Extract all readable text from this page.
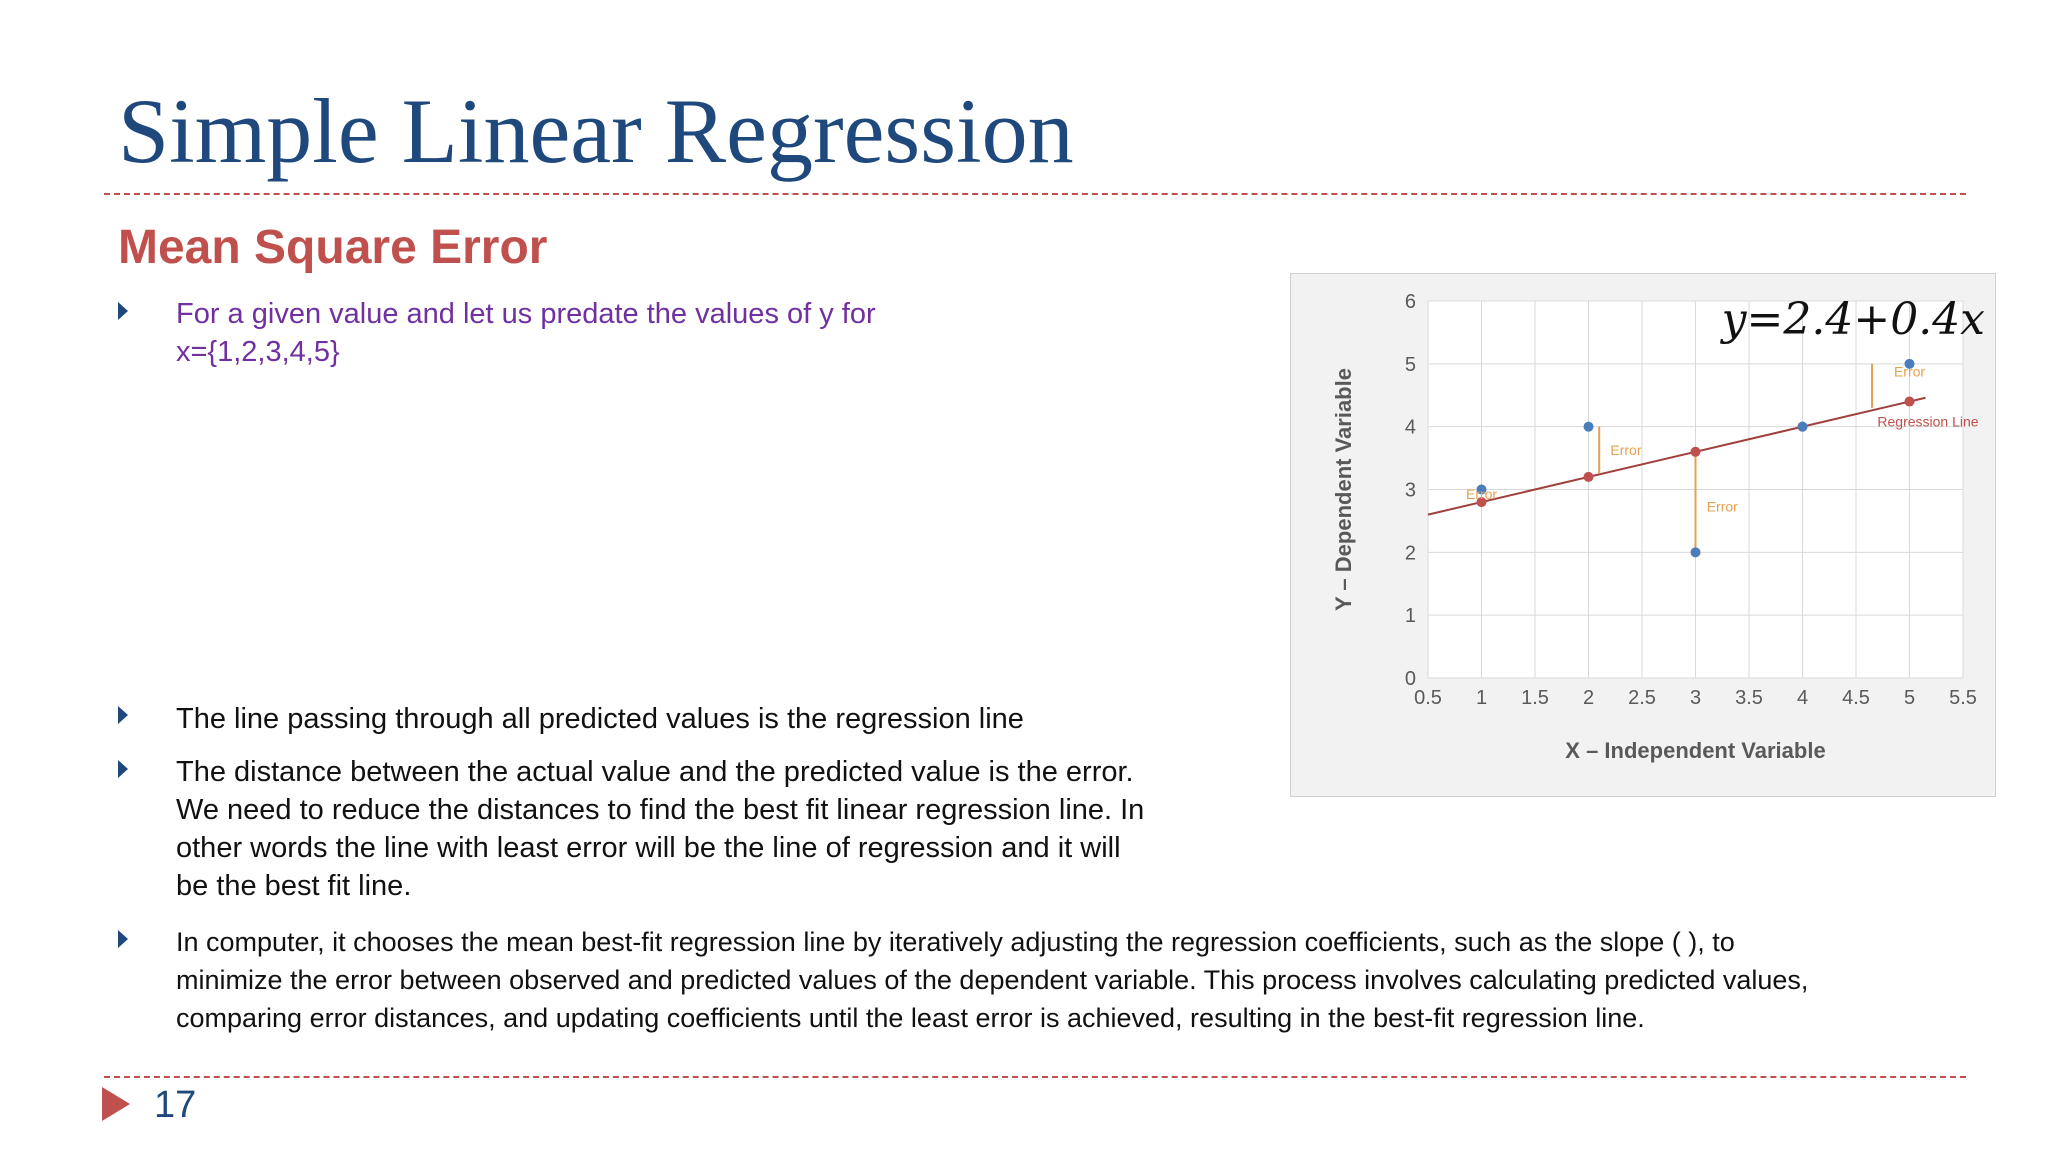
Simple Linear Regression
Mean Square Error
For a given value and let us predate the values of y for
x={1,2,3,4,5}
The line passing through all predicted values is the regression line
The distance between the actual value and the predicted value is the error.
We need to reduce the distances to find the best fit linear regression line. In
other words the line with least error will be the line of regression and it will
be the best fit line.
In computer, it chooses the mean best-fit regression line by iteratively adjusting the regression coefficients, such as the slope ( ), to
minimize the error between observed and predicted values of the dependent variable. This process involves calculating predicted values,
comparing error distances, and updating coefficients until the least error is achieved, resulting in the best-fit regression line.
0.5 1 1.5 2 2.5 3 3.5 4 4.5 5 5.5
0
1
2
3
4
5
6
X – Independent Variable
Y – Dependent Variable	Error
Error
Error
Error
Regression Line
y=2.4+0.4x
17
